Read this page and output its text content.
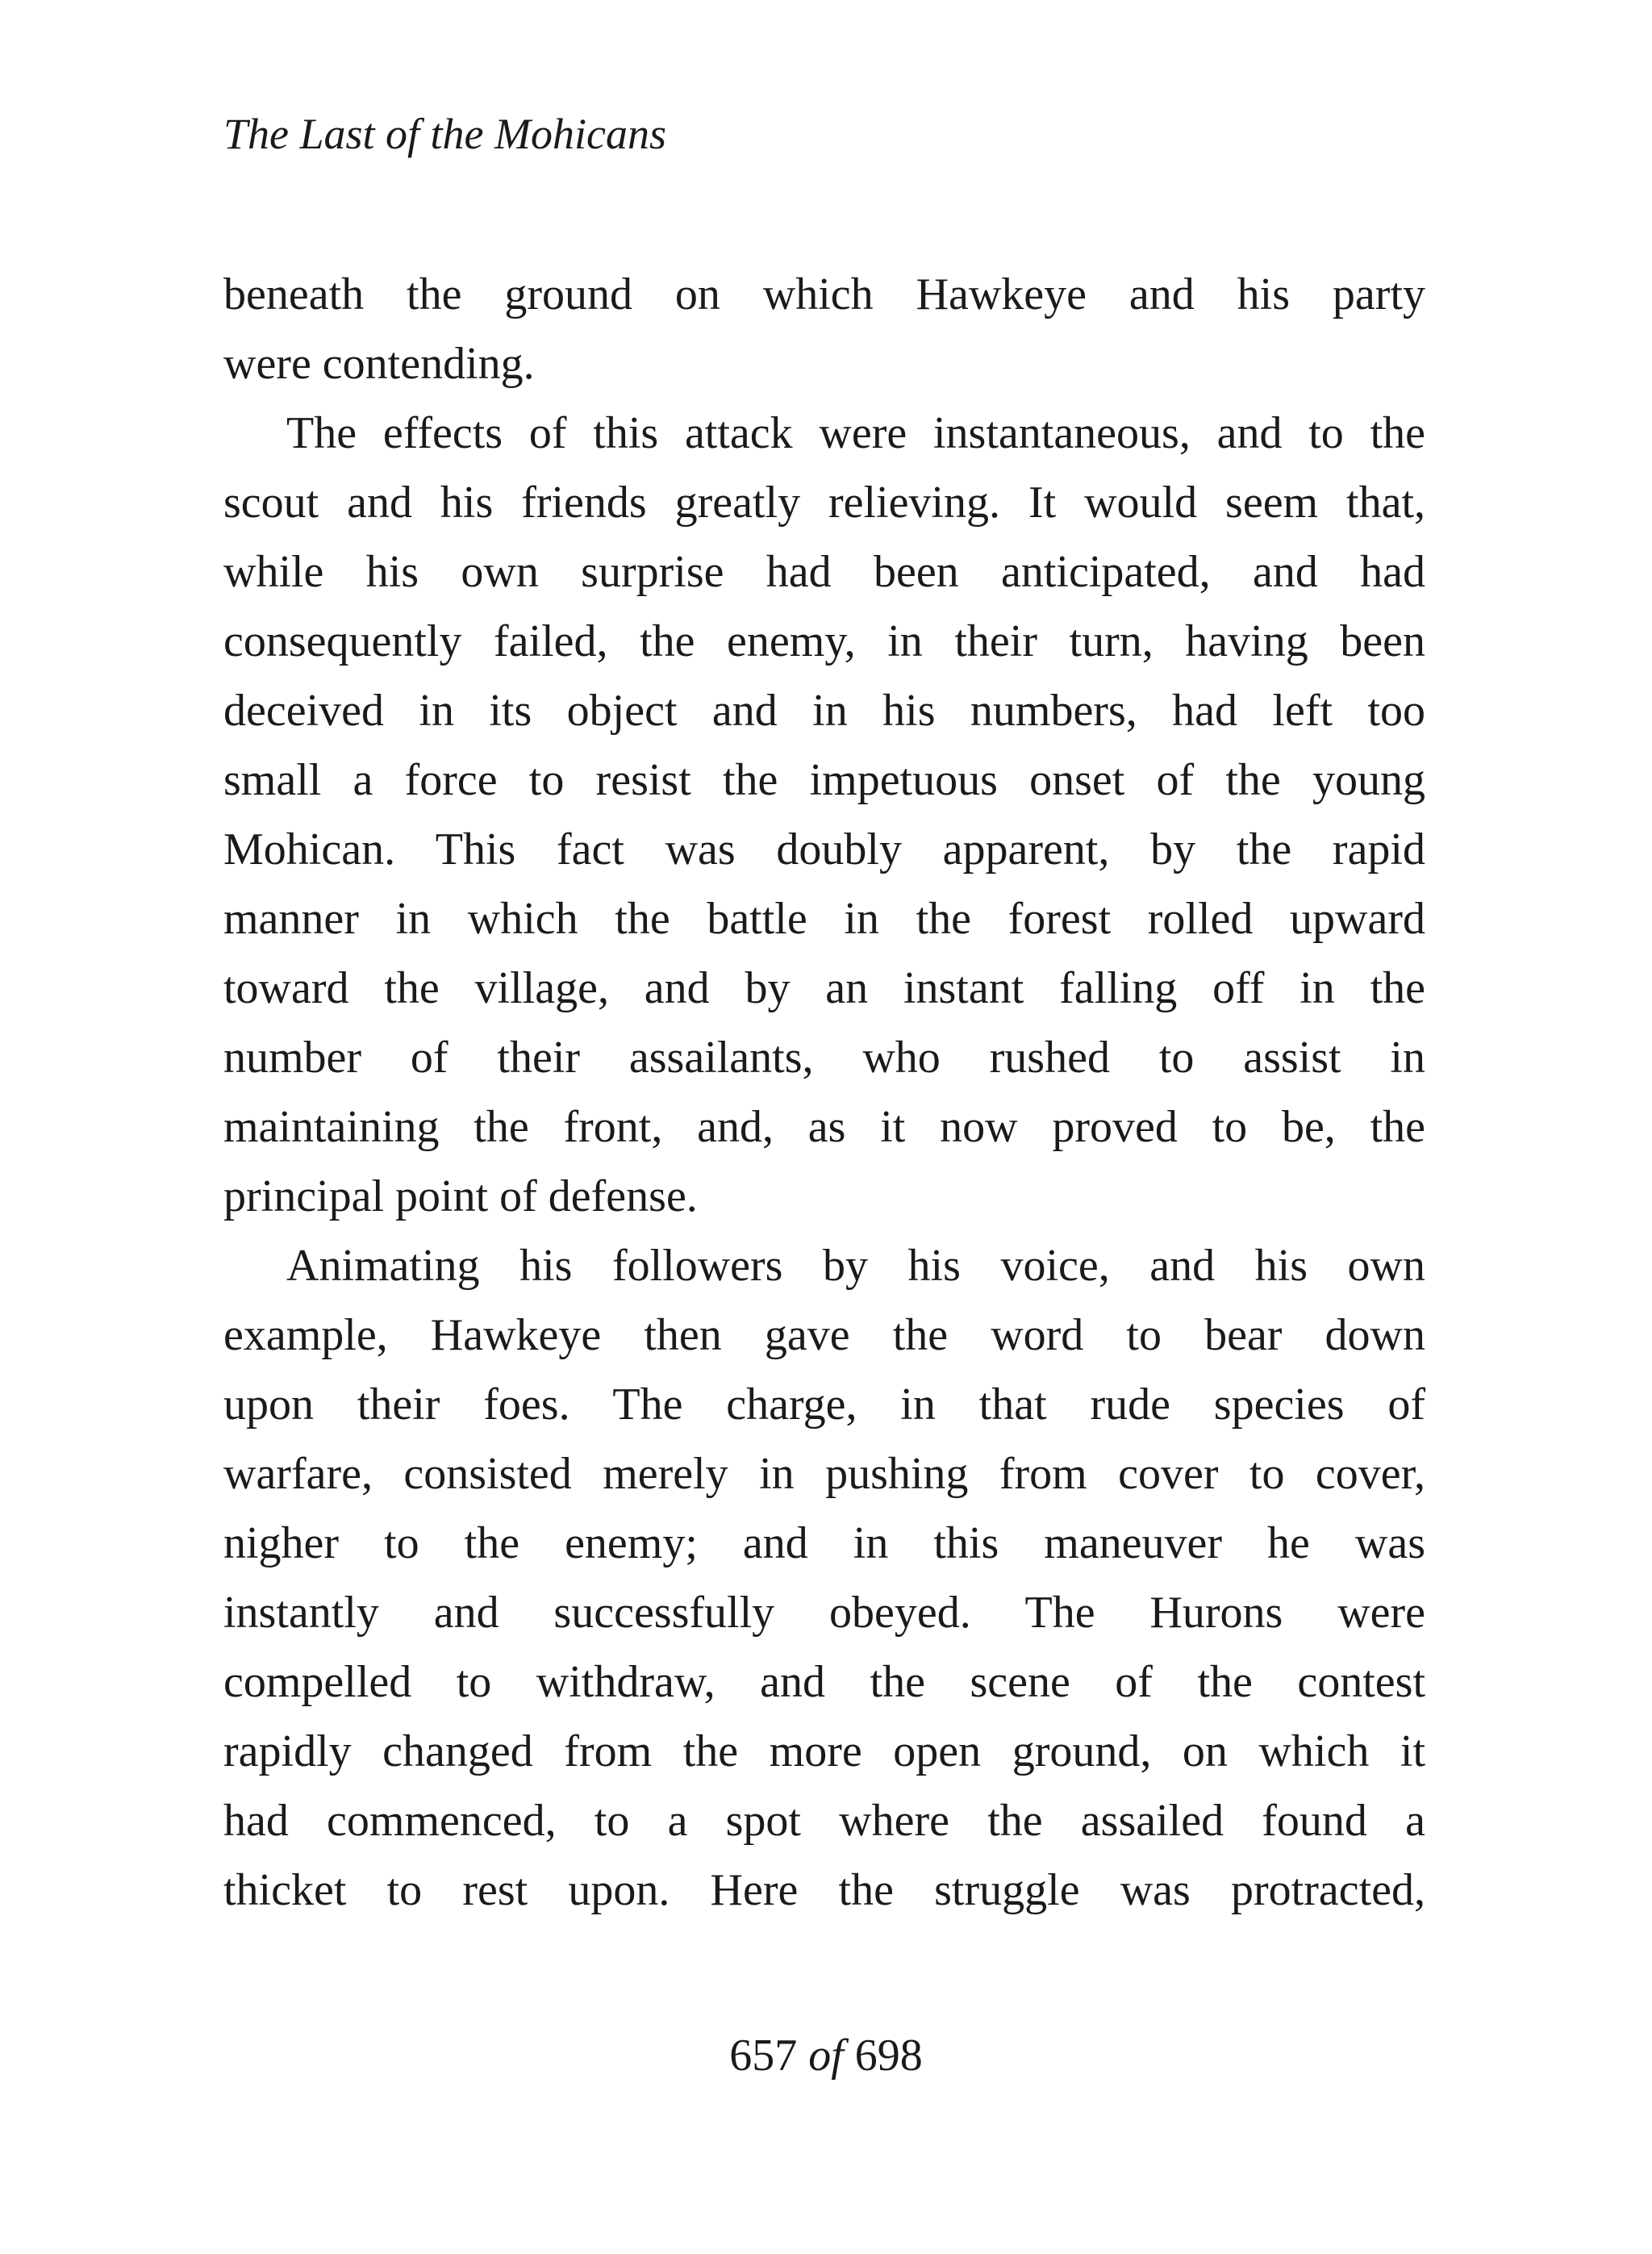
The Last of the Mohicans
beneath the ground on which Hawkeye and his party
were contending.
The effects of this attack were instantaneous, and to the
scout and his friends greatly relieving. It would seem that,
while his own surprise had been anticipated, and had
consequently failed, the enemy, in their turn, having been
deceived in its object and in his numbers, had left too
small a force to resist the impetuous onset of the young
Mohican. This fact was doubly apparent, by the rapid
manner in which the battle in the forest rolled upward
toward the village, and by an instant falling off in the
number of their assailants, who rushed to assist in
maintaining the front, and, as it now proved to be, the
principal point of defense.
Animating his followers by his voice, and his own
example, Hawkeye then gave the word to bear down
upon their foes. The charge, in that rude species of
warfare, consisted merely in pushing from cover to cover,
nigher to the enemy; and in this maneuver he was
instantly and successfully obeyed. The Hurons were
compelled to withdraw, and the scene of the contest
rapidly changed from the more open ground, on which it
had commenced, to a spot where the assailed found a
thicket to rest upon. Here the struggle was protracted,
657 of 698
